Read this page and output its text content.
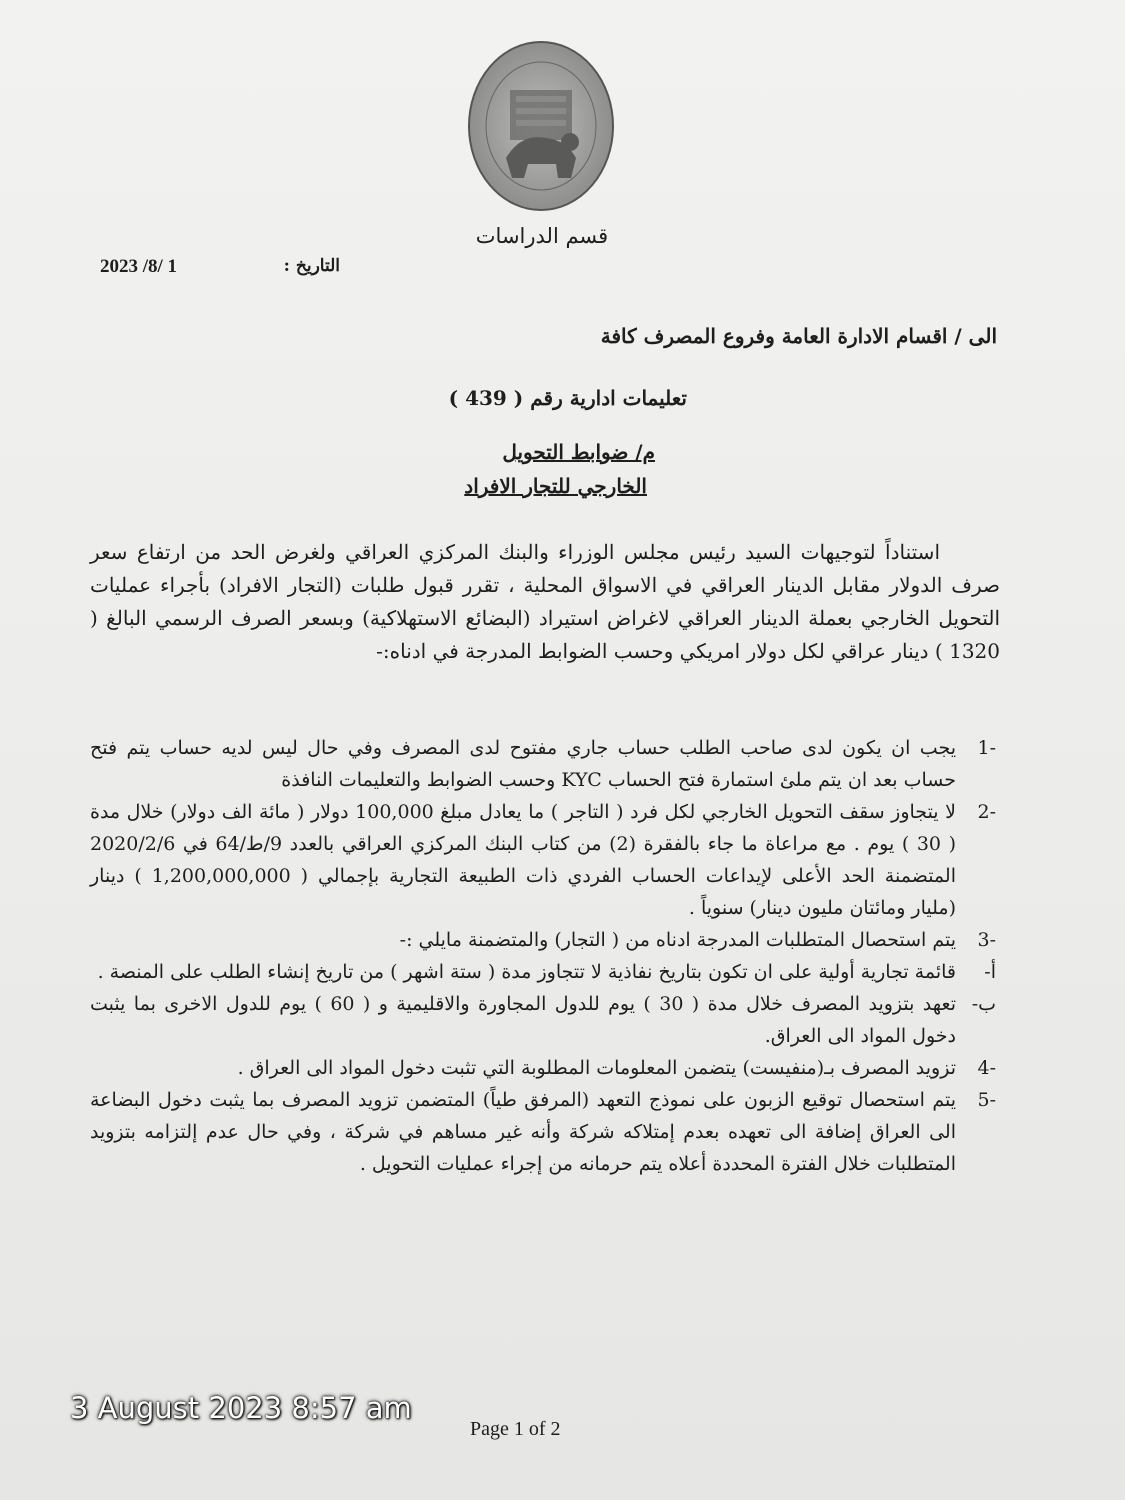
قسم الدراسات
التاريخ :
2023 /8/ 1
الى / اقسام الادارة العامة وفروع المصرف كافة
تعليمات ادارية رقم ( 439 )
م/ ضوابط التحويل
الخارجي للتجار الافراد
استناداً لتوجيهات السيد رئيس مجلس الوزراء والبنك المركزي العراقي ولغرض الحد من ارتفاع سعر صرف الدولار مقابل الدينار العراقي في الاسواق المحلية ، تقرر قبول طلبات (التجار الافراد) بأجراء عمليات التحويل الخارجي بعملة الدينار العراقي لاغراض استيراد (البضائع الاستهلاكية) وبسعر الصرف الرسمي البالغ ( 1320 ) دينار عراقي لكل دولار امريكي وحسب الضوابط المدرجة في ادناه:-
-1
يجب ان يكون لدى صاحب الطلب حساب جاري مفتوح لدى المصرف وفي حال ليس لديه حساب يتم فتح حساب بعد ان يتم ملئ استمارة فتح الحساب KYC وحسب الضوابط والتعليمات النافذة
-2
لا يتجاوز سقف التحويل الخارجي لكل فرد ( التاجر ) ما يعادل مبلغ 100,000 دولار ( مائة الف دولار) خلال مدة ( 30 ) يوم . مع مراعاة ما جاء بالفقرة (2) من كتاب البنك المركزي العراقي بالعدد 9/ط/64 في 2020/2/6 المتضمنة الحد الأعلى لإيداعات الحساب الفردي ذات الطبيعة التجارية بإجمالي ( 1,200,000,000 ) دينار (مليار ومائتان مليون دينار) سنوياً .
-3
يتم استحصال المتطلبات المدرجة ادناه من ( التجار) والمتضمنة مايلي :-
أ-
قائمة تجارية أولية على ان تكون بتاريخ نفاذية لا تتجاوز مدة ( ستة اشهر ) من تاريخ إنشاء الطلب على المنصة .
ب-
تعهد بتزويد المصرف خلال مدة ( 30 ) يوم للدول المجاورة والاقليمية و ( 60 ) يوم للدول الاخرى بما يثبت دخول المواد الى العراق.
-4
تزويد المصرف بـ(منفيست) يتضمن المعلومات المطلوبة التي تثبت دخول المواد الى العراق .
-5
يتم استحصال توقيع الزبون على نموذج التعهد (المرفق طياً) المتضمن تزويد المصرف بما يثبت دخول البضاعة الى العراق إضافة الى تعهده بعدم إمتلاكه شركة وأنه غير مساهم في شركة ، وفي حال عدم إلتزامه بتزويد المتطلبات خلال الفترة المحددة أعلاه يتم حرمانه من إجراء عمليات التحويل .
3 August 2023 8:57 am
Page 1 of 2
